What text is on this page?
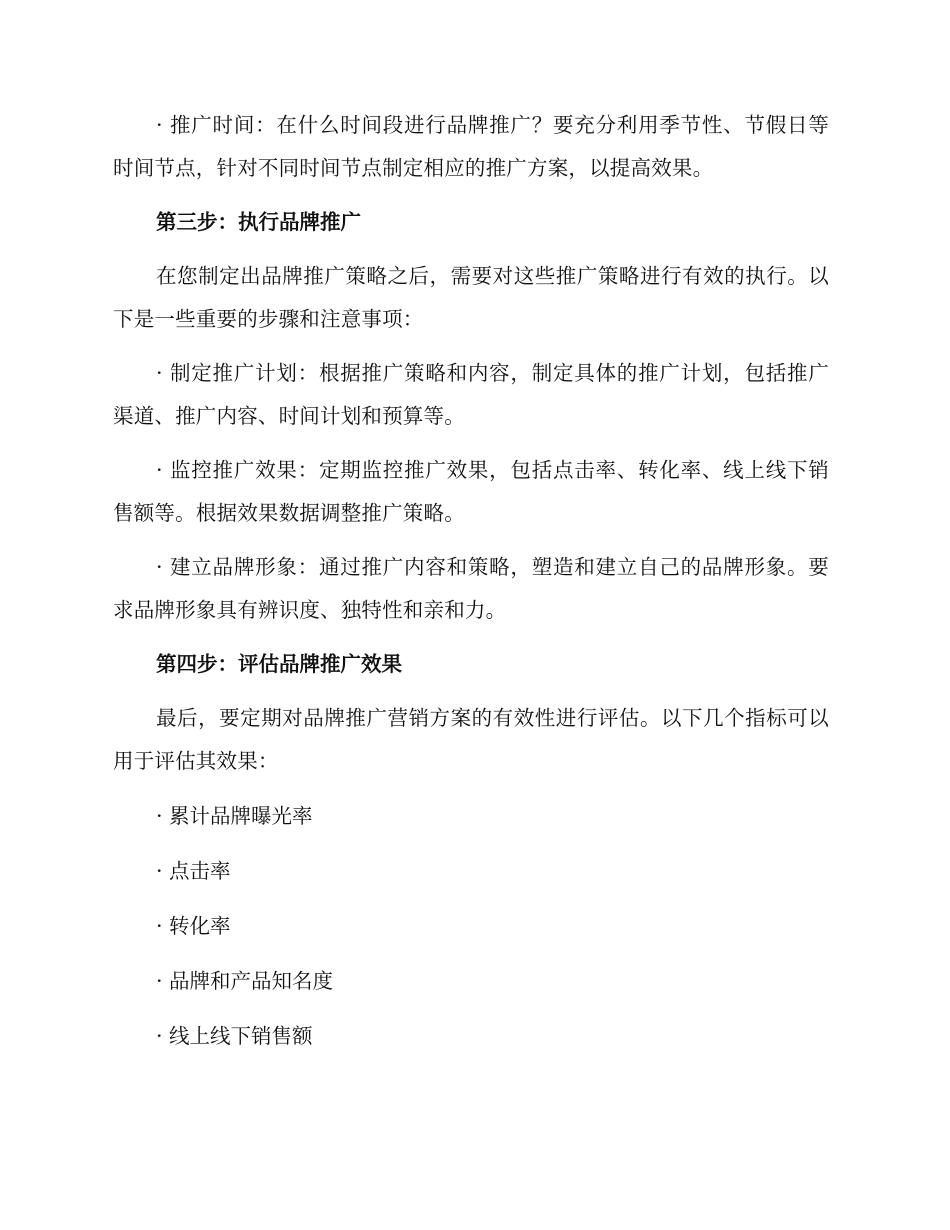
· 推广时间：在什么时间段进行品牌推广？要充分利用季节性、节假日等时间节点，针对不同时间节点制定相应的推广方案，以提高效果。

第三步：执行品牌推广

在您制定出品牌推广策略之后，需要对这些推广策略进行有效的执行。以下是一些重要的步骤和注意事项：

· 制定推广计划：根据推广策略和内容，制定具体的推广计划，包括推广渠道、推广内容、时间计划和预算等。

· 监控推广效果：定期监控推广效果，包括点击率、转化率、线上线下销售额等。根据效果数据调整推广策略。

· 建立品牌形象：通过推广内容和策略，塑造和建立自己的品牌形象。要求品牌形象具有辨识度、独特性和亲和力。

第四步：评估品牌推广效果

最后，要定期对品牌推广营销方案的有效性进行评估。以下几个指标可以用于评估其效果：

· 累计品牌曝光率

· 点击率

· 转化率

· 品牌和产品知名度

· 线上线下销售额
